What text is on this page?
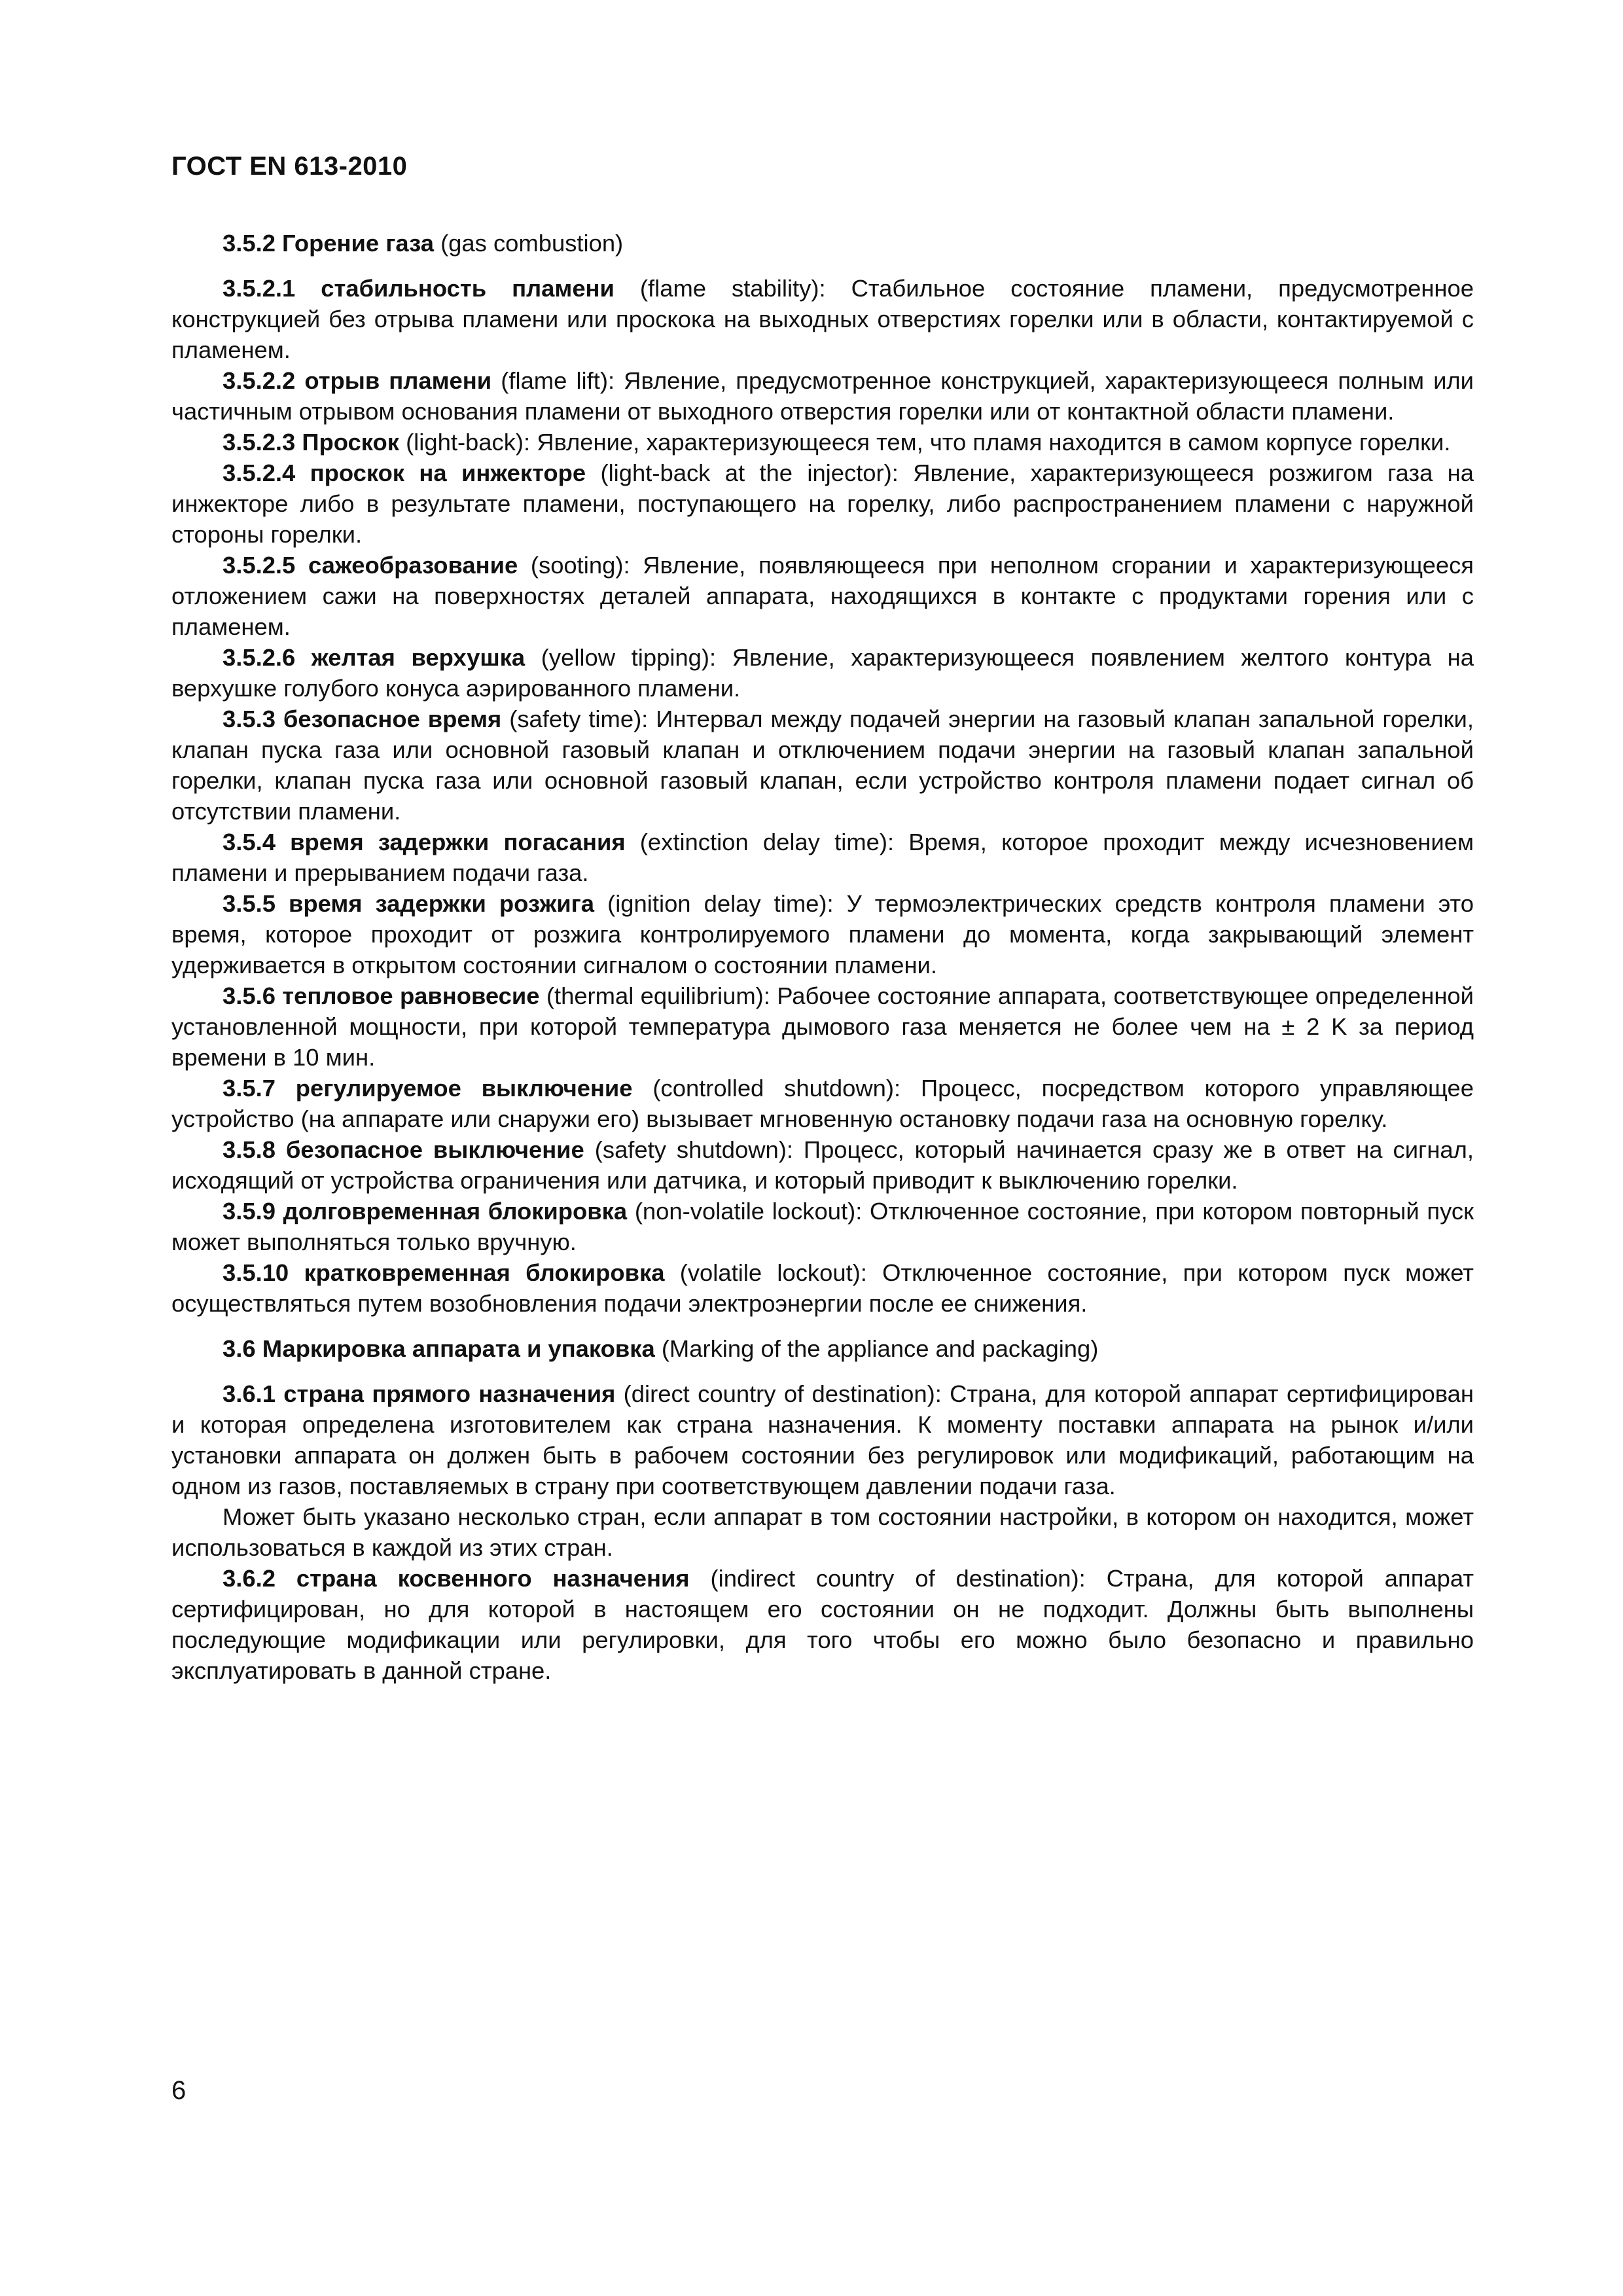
ГОСТ EN 613-2010

3.5.2 Горение газа (gas combustion)

3.5.2.1 стабильность пламени (flame stability): Стабильное состояние пламени, предусмотренное конструкцией без отрыва пламени или проскока на выходных отверстиях горелки или в области, контактируемой с пламенем.

3.5.2.2 отрыв пламени (flame lift): Явление, предусмотренное конструкцией, характеризующееся полным или частичным отрывом основания пламени от выходного отверстия горелки или от контактной области пламени.

3.5.2.3 Проскок (light-back): Явление, характеризующееся тем, что пламя находится в самом корпусе горелки.

3.5.2.4 проскок на инжекторе (light-back at the injector): Явление, характеризующееся розжигом газа на инжекторе либо в результате пламени, поступающего на горелку, либо распространением пламени с наружной стороны горелки.

3.5.2.5 сажеобразование (sooting): Явление, появляющееся при неполном сгорании и характеризующееся отложением сажи на поверхностях деталей аппарата, находящихся в контакте с продуктами горения или с пламенем.

3.5.2.6 желтая верхушка (yellow tipping): Явление, характеризующееся появлением желтого контура на верхушке голубого конуса аэрированного пламени.

3.5.3 безопасное время (safety time): Интервал между подачей энергии на газовый клапан запальной горелки, клапан пуска газа или основной газовый клапан и отключением подачи энергии на газовый клапан запальной горелки, клапан пуска газа или основной газовый клапан, если устройство контроля пламени подает сигнал об отсутствии пламени.

3.5.4 время задержки погасания (extinction delay time): Время, которое проходит между исчезновением пламени и прерыванием подачи газа.

3.5.5 время задержки розжига (ignition delay time): У термоэлектрических средств контроля пламени это время, которое проходит от розжига контролируемого пламени до момента, когда закрывающий элемент удерживается в открытом состоянии сигналом о состоянии пламени.

3.5.6 тепловое равновесие (thermal equilibrium): Рабочее состояние аппарата, соответствующее определенной установленной мощности, при которой температура дымового газа меняется не более чем на ± 2 K за период времени в 10 мин.

3.5.7 регулируемое выключение (controlled shutdown): Процесс, посредством которого управляющее устройство (на аппарате или снаружи его) вызывает мгновенную остановку подачи газа на основную горелку.

3.5.8 безопасное выключение (safety shutdown): Процесс, который начинается сразу же в ответ на сигнал, исходящий от устройства ограничения или датчика, и который приводит к выключению горелки.

3.5.9 долговременная блокировка (non-volatile lockout): Отключенное состояние, при котором повторный пуск может выполняться только вручную.

3.5.10 кратковременная блокировка (volatile lockout): Отключенное состояние, при котором пуск может осуществляться путем возобновления подачи электроэнергии после ее снижения.

3.6 Маркировка аппарата и упаковка (Marking of the appliance and packaging)

3.6.1 страна прямого назначения (direct country of destination): Страна, для которой аппарат сертифицирован и которая определена изготовителем как страна назначения. К моменту поставки аппарата на рынок и/или установки аппарата он должен быть в рабочем состоянии без регулировок или модификаций, работающим на одном из газов, поставляемых в страну при соответствующем давлении подачи газа.

Может быть указано несколько стран, если аппарат в том состоянии настройки, в котором он находится, может использоваться в каждой из этих стран.

3.6.2 страна косвенного назначения (indirect country of destination): Страна, для которой аппарат сертифицирован, но для которой в настоящем его состоянии он не подходит. Должны быть выполнены последующие модификации или регулировки, для того чтобы его можно было безопасно и правильно эксплуатировать в данной стране.

6
